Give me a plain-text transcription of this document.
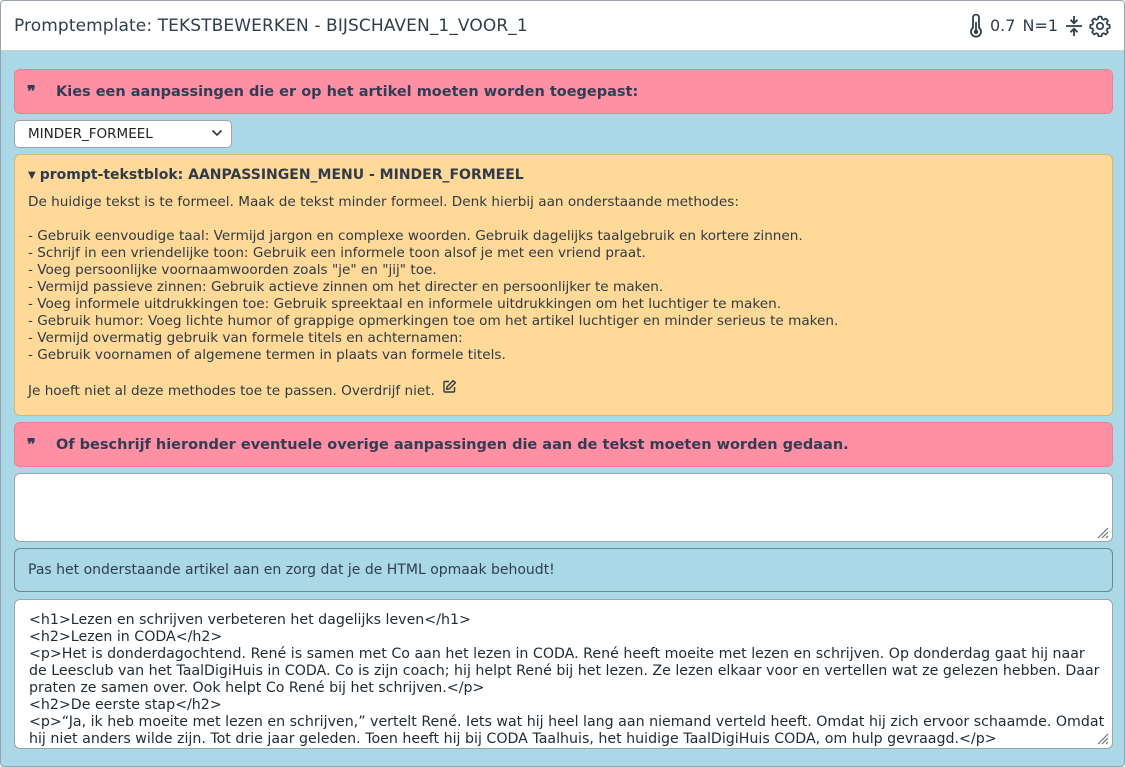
Promptemplate: TEKSTBEWERKEN - BIJSCHAVEN_1_VOOR_1	0.7 N=1
❞	Kies een aanpassingen die er op het artikel moeten worden toegepast:
MINDER_FORMEEL
▼ prompt-tekstblok: AANPASSINGEN_MENU - MINDER_FORMEEL
De huidige tekst is te formeel. Maak de tekst minder formeel. Denk hierbij aan onderstaande methodes:
- Gebruik eenvoudige taal: Vermijd jargon en complexe woorden. Gebruik dagelijks taalgebruik en kortere zinnen.
- Schrijf in een vriendelijke toon: Gebruik een informele toon alsof je met een vriend praat.
- Voeg persoonlijke voornaamwoorden zoals "je" en "jij" toe.
- Vermijd passieve zinnen: Gebruik actieve zinnen om het directer en persoonlijker te maken.
- Voeg informele uitdrukkingen toe: Gebruik spreektaal en informele uitdrukkingen om het luchtiger te maken.
- Gebruik humor: Voeg lichte humor of grappige opmerkingen toe om het artikel luchtiger en minder serieus te maken.
- Vermijd overmatig gebruik van formele titels en achternamen:
- Gebruik voornamen of algemene termen in plaats van formele titels.
Je hoeft niet al deze methodes toe te passen. Overdrijf niet.
❞	Of beschrijf hieronder eventuele overige aanpassingen die aan de tekst moeten worden gedaan.
Pas het onderstaande artikel aan en zorg dat je de HTML opmaak behoudt!
<h1>Lezen en schrijven verbeteren het dagelijks leven</h1>
<h2>Lezen in CODA</h2>
<p>Het is donderdagochtend. René is samen met Co aan het lezen in CODA. René heeft moeite met lezen en schrijven. Op donderdag gaat hij naar
de Leesclub van het TaalDigiHuis in CODA. Co is zijn coach; hij helpt René bij het lezen. Ze lezen elkaar voor en vertellen wat ze gelezen hebben. Daar
praten ze samen over. Ook helpt Co René bij het schrijven.</p>
<h2>De eerste stap</h2>
<p>“Ja, ik heb moeite met lezen en schrijven,” vertelt René. Iets wat hij heel lang aan niemand verteld heeft. Omdat hij zich ervoor schaamde. Omdat
hij niet anders wilde zijn. Tot drie jaar geleden. Toen heeft hij bij CODA Taalhuis, het huidige TaalDigiHuis CODA, om hulp gevraagd.</p>
